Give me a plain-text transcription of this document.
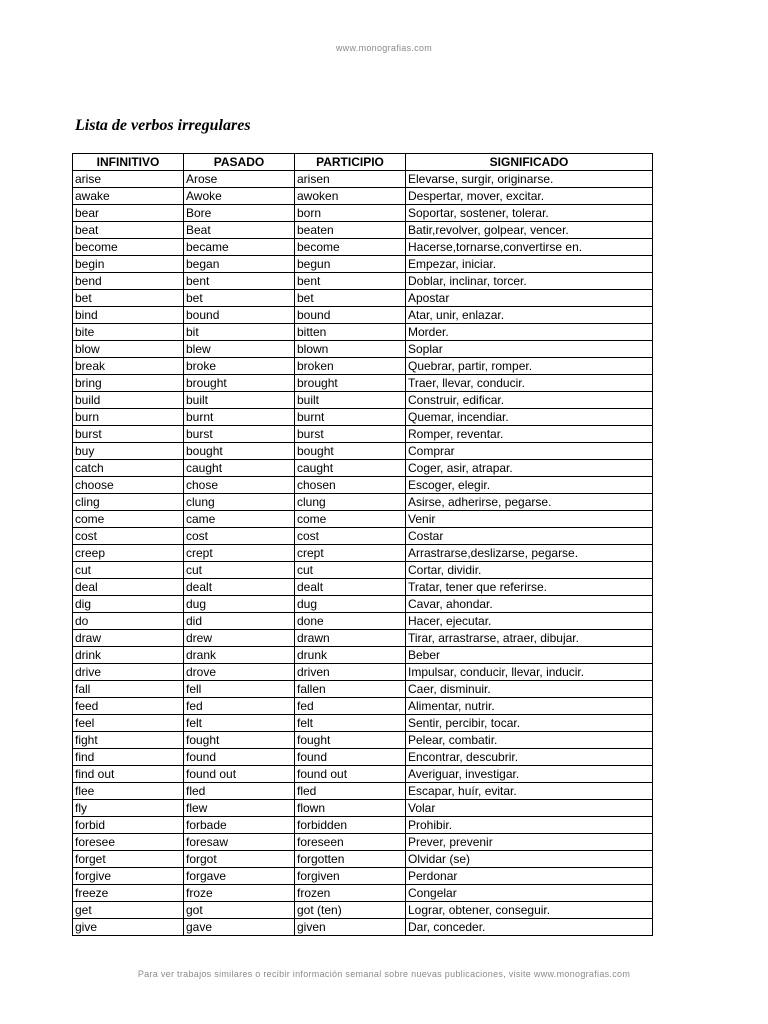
www.monografias.com
Lista de verbos irregulares
INFINITIVO	PASADO	PARTICIPIO	SIGNIFICADO
arise	Arose	arisen	Elevarse, surgir, originarse.
awake	Awoke	awoken	Despertar, mover, excitar.
bear	Bore	born	Soportar, sostener, tolerar.
beat	Beat	beaten	Batir,revolver, golpear, vencer.
become	became	become	Hacerse,tornarse,convertirse en.
begin	began	begun	Empezar, iniciar.
bend	bent	bent	Doblar, inclinar, torcer.
bet	bet	bet	Apostar
bind	bound	bound	Atar, unir, enlazar.
bite	bit	bitten	Morder.
blow	blew	blown	Soplar
break	broke	broken	Quebrar, partir, romper.
bring	brought	brought	Traer, llevar, conducir.
build	built	built	Construir, edificar.
burn	burnt	burnt	Quemar, incendiar.
burst	burst	burst	Romper, reventar.
buy	bought	bought	Comprar
catch	caught	caught	Coger, asir, atrapar.
choose	chose	chosen	Escoger, elegir.
cling	clung	clung	Asirse, adherirse, pegarse.
come	came	come	Venir
cost	cost	cost	Costar
creep	crept	crept	Arrastrarse,deslizarse, pegarse.
cut	cut	cut	Cortar, dividir.
deal	dealt	dealt	Tratar, tener que referirse.
dig	dug	dug	Cavar, ahondar.
do	did	done	Hacer, ejecutar.
draw	drew	drawn	Tirar, arrastrarse, atraer, dibujar.
drink	drank	drunk	Beber
drive	drove	driven	Impulsar, conducir, llevar, inducir.
fall	fell	fallen	Caer, disminuir.
feed	fed	fed	Alimentar, nutrir.
feel	felt	felt	Sentir, percibir, tocar.
fight	fought	fought	Pelear, combatir.
find	found	found	Encontrar, descubrir.
find out	found out	found out	Averiguar, investigar.
flee	fled	fled	Escapar, huír, evitar.
fly	flew	flown	Volar
forbid	forbade	forbidden	Prohibir.
foresee	foresaw	foreseen	Prever, prevenir
forget	forgot	forgotten	Olvidar (se)
forgive	forgave	forgiven	Perdonar
freeze	froze	frozen	Congelar
get	got	got (ten)	Lograr, obtener, conseguir.
give	gave	given	Dar, conceder.
Para ver trabajos similares o recibir información semanal sobre nuevas publicaciones, visite www.monografias.com
